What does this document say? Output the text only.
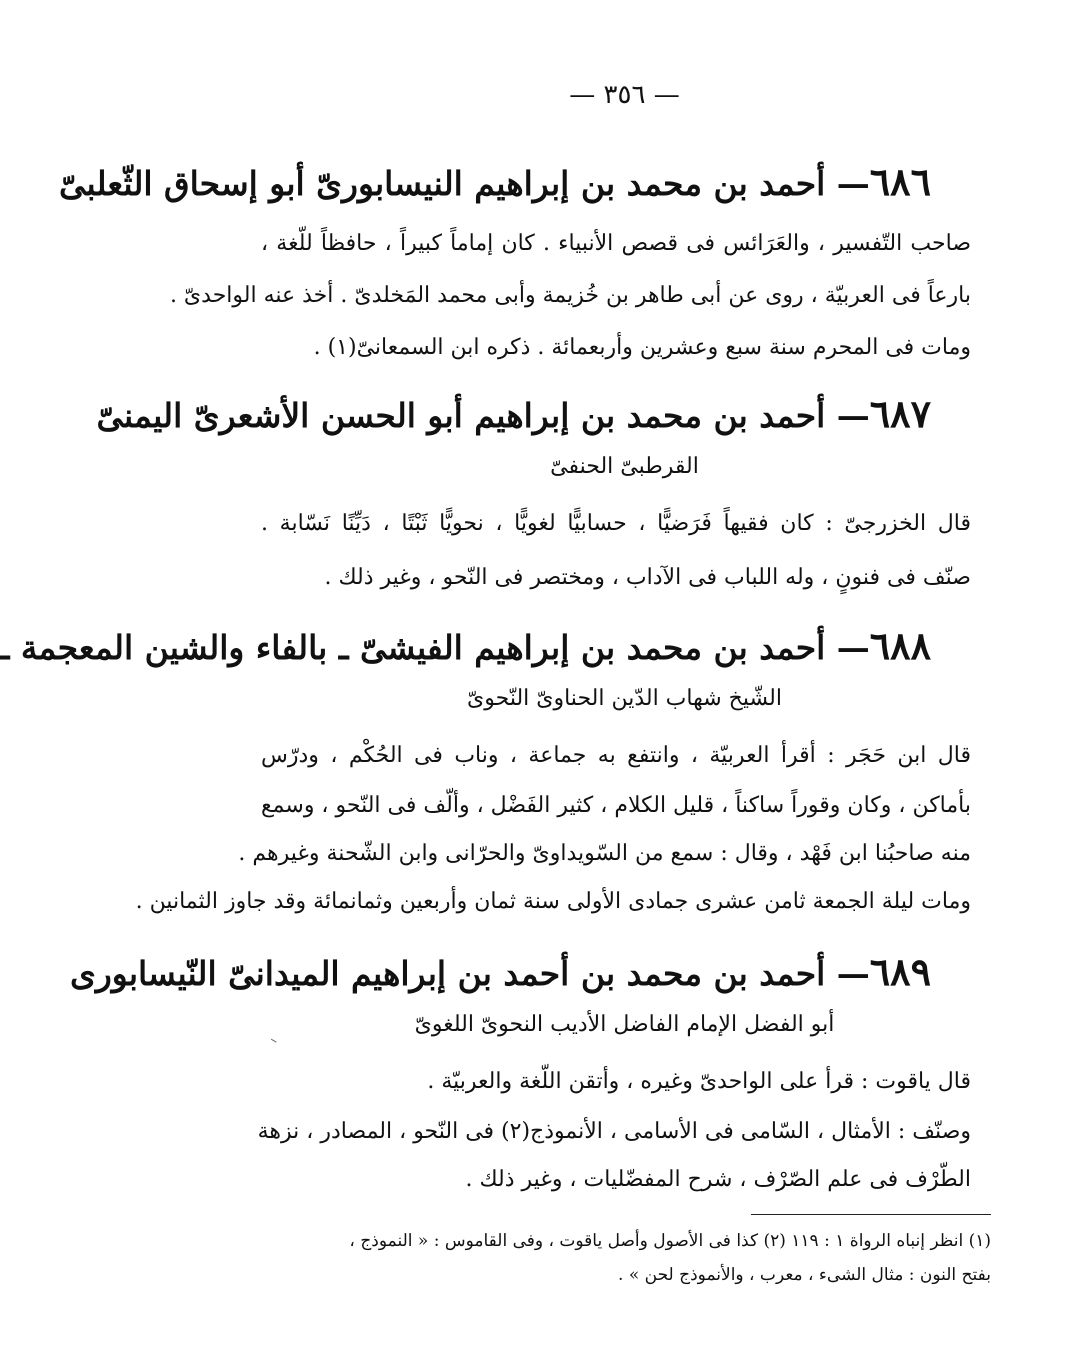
— ٣٥٦ —
٦٨٦— أحمد بن محمد بن إبراهيم النيسابورىّ أبو إسحاق الثّعلبىّ
صاحب التّفسير ، والعَرَائس فى قصص الأنبياء . كان إماماً كبيراً ، حافظاً للّغة ،
بارعاً فى العربيّة ، روى عن أبى طاهر بن خُزيمة وأبى محمد المَخلدىّ . أخذ عنه الواحدىّ .
ومات فى المحرم سنة سبع وعشرين وأربعمائة . ذكره ابن السمعانىّ(١) .
٦٨٧— أحمد بن محمد بن إبراهيم أبو الحسن الأشعرىّ اليمنىّ
القرطبىّ الحنفىّ
قال الخزرجىّ : كان فقيهاً فَرَضيًّا ، حسابيًّا لغويًّا ، نحويًّا ثَبْتًا ، دَيِّنًا نَسّابة .
صنّف فى فنونٍ ، وله اللباب فى الآداب ، ومختصر فى النّحو ، وغير ذلك .
٦٨٨— أحمد بن محمد بن إبراهيم الفيشىّ ـ بالفاء والشين المعجمة ـ
الشّيخ شهاب الدّين الحناوىّ النّحوىّ
قال ابن حَجَر : أقرأ العربيّة ، وانتفع به جماعة ، وناب فى الحُكْم ، ودرّس
بأماكن ، وكان وقوراً ساكناً ، قليل الكلام ، كثير الفَضْل ، وألّف فى النّحو ، وسمع
منه صاحبُنا ابن فَهْد ، وقال : سمع من السّويداوىّ والحرّانى وابن الشّحنة وغيرهم .
ومات ليلة الجمعة ثامن عشرى جمادى الأولى سنة ثمان وأربعين وثمانمائة وقد جاوز الثمانين .
٦٨٩— أحمد بن محمد بن أحمد بن إبراهيم الميدانىّ النّيسابورى
أبو الفضل الإمام الفاضل الأديب النحوىّ اللغوىّ
قال ياقوت : قرأ على الواحدىّ وغيره ، وأتقن اللّغة والعربيّة .
وصنّف : الأمثال ، السّامى فى الأسامى ، الأنموذج(٢) فى النّحو ، المصادر ، نزهة
الطّرْف فى علم الصّرْف ، شرح المفضّليات ، وغير ذلك .
(١) انظر إنباه الرواة ١ : ١١٩ (٢) كذا فى الأصول وأصل ياقوت ، وفى القاموس : « النموذج ،
بفتح النون : مثال الشىء ، معرب ، والأنموذج لحن » .
